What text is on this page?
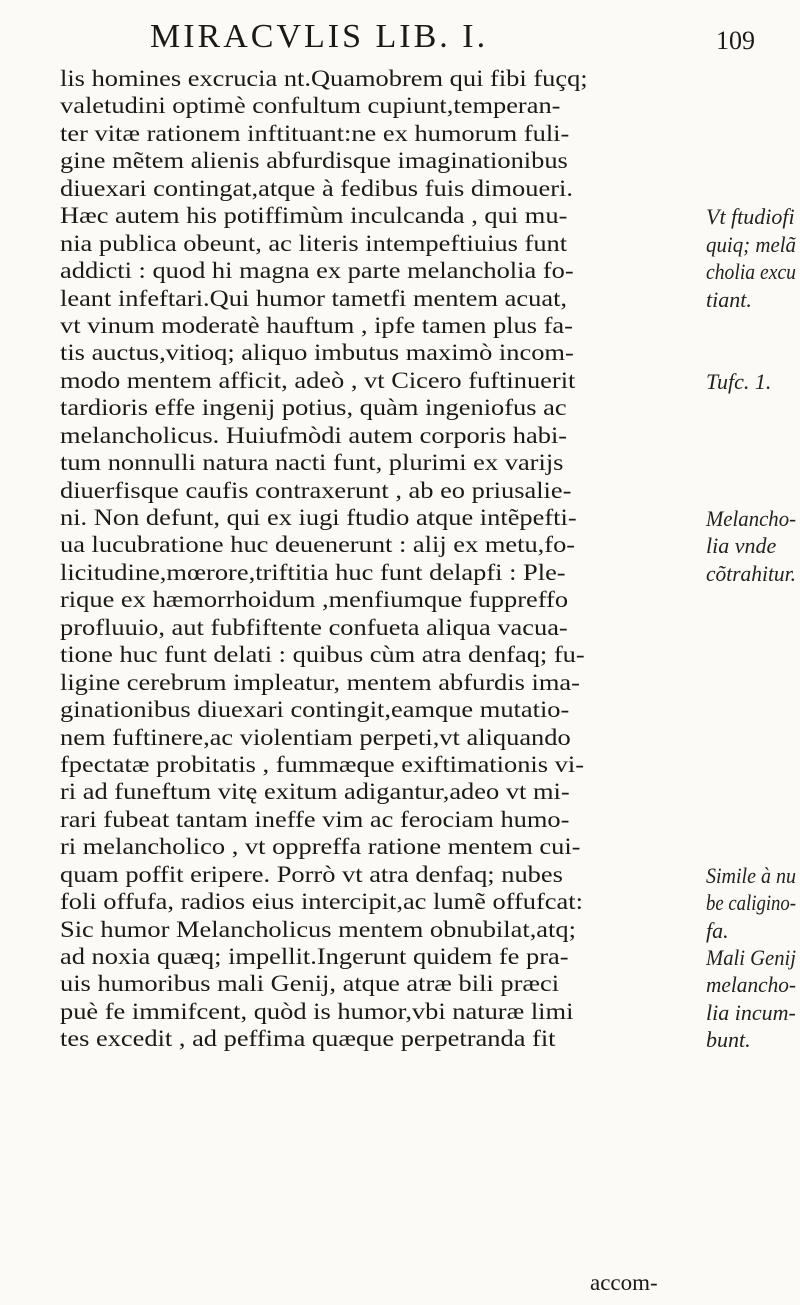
MIRACVLIS LIB. I.	109
lis homines excrucia nt.Quamobrem qui fibi fuçq;
valetudini optimè confultum cupiunt,temperan-
ter vitæ rationem inftituant:ne ex humorum fuli-
gine mẽtem alienis abfurdisque imaginationibus
diuexari contingat,atque à fedibus fuis dimoueri.
Hæc autem his potiffimùm inculcanda , qui mu-	Vt ftudiofi
nia publica obeunt, ac literis intempeftiuius funt	quiq; melã
addicti : quod hi magna ex parte melancholia fo-	cholia excu
leant infeftari.Qui humor tametfi mentem acuat,	tiant.
vt vinum moderatè hauftum , ipfe tamen plus fa-
tis auctus,vitioq; aliquo imbutus maximò incom-
modo mentem afficit, adeò , vt Cicero fuftinuerit	Tufc. 1.
tardioris effe ingenij potius, quàm ingeniofus ac
melancholicus. Huiufmòdi autem corporis habi-
tum nonnulli natura nacti funt, plurimi ex varijs
diuerfisque caufis contraxerunt , ab eo priusalie-
ni. Non defunt, qui ex iugi ftudio atque intẽpefti-	Melancho-
ua lucubratione huc deuenerunt : alij ex metu,fo-	lia vnde
licitudine,mœrore,triftitia huc funt delapfi : Ple-	cõtrahitur.
rique ex hæmorrhoidum ,menfiumque fuppreffo
profluuio, aut fubfiftente confueta aliqua vacua-
tione huc funt delati : quibus cùm atra denfaq; fu-
ligine cerebrum impleatur, mentem abfurdis ima-
ginationibus diuexari contingit,eamque mutatio-
nem fuftinere,ac violentiam perpeti,vt aliquando
fpectatæ probitatis , fummæque exiftimationis vi-
ri ad funeftum vitę exitum adigantur,adeo vt mi-
rari fubeat tantam ineffe vim ac ferociam humo-
ri melancholico , vt oppreffa ratione mentem cui-
quam poffit eripere. Porrò vt atra denfaq; nubes	Simile à nu
foli offufa, radios eius intercipit,ac lumẽ offufcat:	be caligino-
Sic humor Melancholicus mentem obnubilat,atq;	fa.
ad noxia quæq; impellit.Ingerunt quidem fe pra-	Mali Genij
uis humoribus mali Genij, atque atræ bili præci	melancho-
puè fe immifcent, quòd is humor,vbi naturæ limi	lia incum-
tes excedit , ad peffima quæque perpetranda fit	bunt.
accom-
